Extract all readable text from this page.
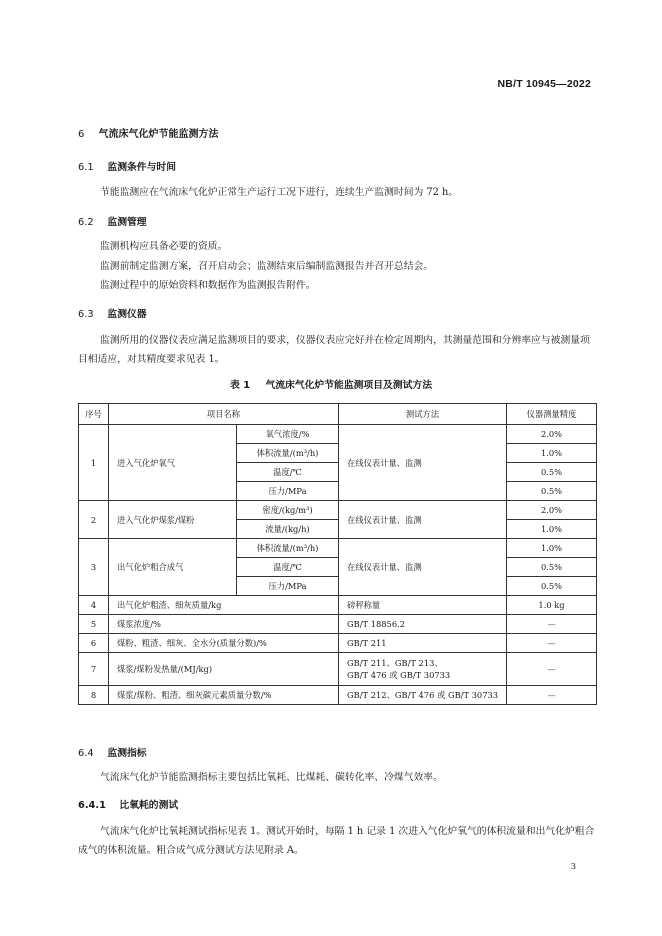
NB/T 10945—2022
6 气流床气化炉节能监测方法
6.1 监测条件与时间
节能监测应在气流床气化炉正常生产运行工况下进行，连续生产监测时间为 72 h。
6.2 监测管理
监测机构应具备必要的资质。
监测前制定监测方案，召开启动会；监测结束后编制监测报告并召开总结会。
监测过程中的原始资料和数据作为监测报告附件。
6.3 监测仪器
监测所用的仪器仪表应满足监测项目的要求，仪器仪表应完好并在检定周期内，其测量范围和分辨率应与被测量项目相适应，对其精度要求见表 1。
表 1 气流床气化炉节能监测项目及测试方法
序号	项目名称		测试方法	仪器测量精度
1	进入气化炉氧气	氧气浓度/%	在线仪表计量、监测	2.0%
		体积流量/(m³/h)		1.0%
		温度/℃		0.5%
		压力/MPa		0.5%
2	进入气化炉煤浆/煤粉	密度/(kg/m³)	在线仪表计量、监测	2.0%
		流量/(kg/h)		1.0%
3	出气化炉粗合成气	体积流量/(m³/h)	在线仪表计量、监测	1.0%
		温度/℃		0.5%
		压力/MPa		0.5%
4	出气化炉粗渣、细灰质量/kg		磅秤称量	1.0 kg
5	煤浆浓度/%		GB/T 18856.2	—
6	煤粉、粗渣、细灰、全水分(质量分数)/%		GB/T 211	—
7	煤浆/煤粉发热量/(MJ/kg)		GB/T 211、GB/T 213、
GB/T 476 或 GB/T 30733	—
8	煤浆/煤粉、粗渣、细灰碳元素质量分数/%		GB/T 212、GB/T 476 或 GB/T 30733	—
6.4 监测指标
气流床气化炉节能监测指标主要包括比氧耗、比煤耗、碳转化率、冷煤气效率。
6.4.1 比氧耗的测试
气流床气化炉比氧耗测试指标见表 1。测试开始时，每隔 1 h 记录 1 次进入气化炉氧气的体积流量和出气化炉粗合成气的体积流量。粗合成气成分测试方法见附录 A。
3
